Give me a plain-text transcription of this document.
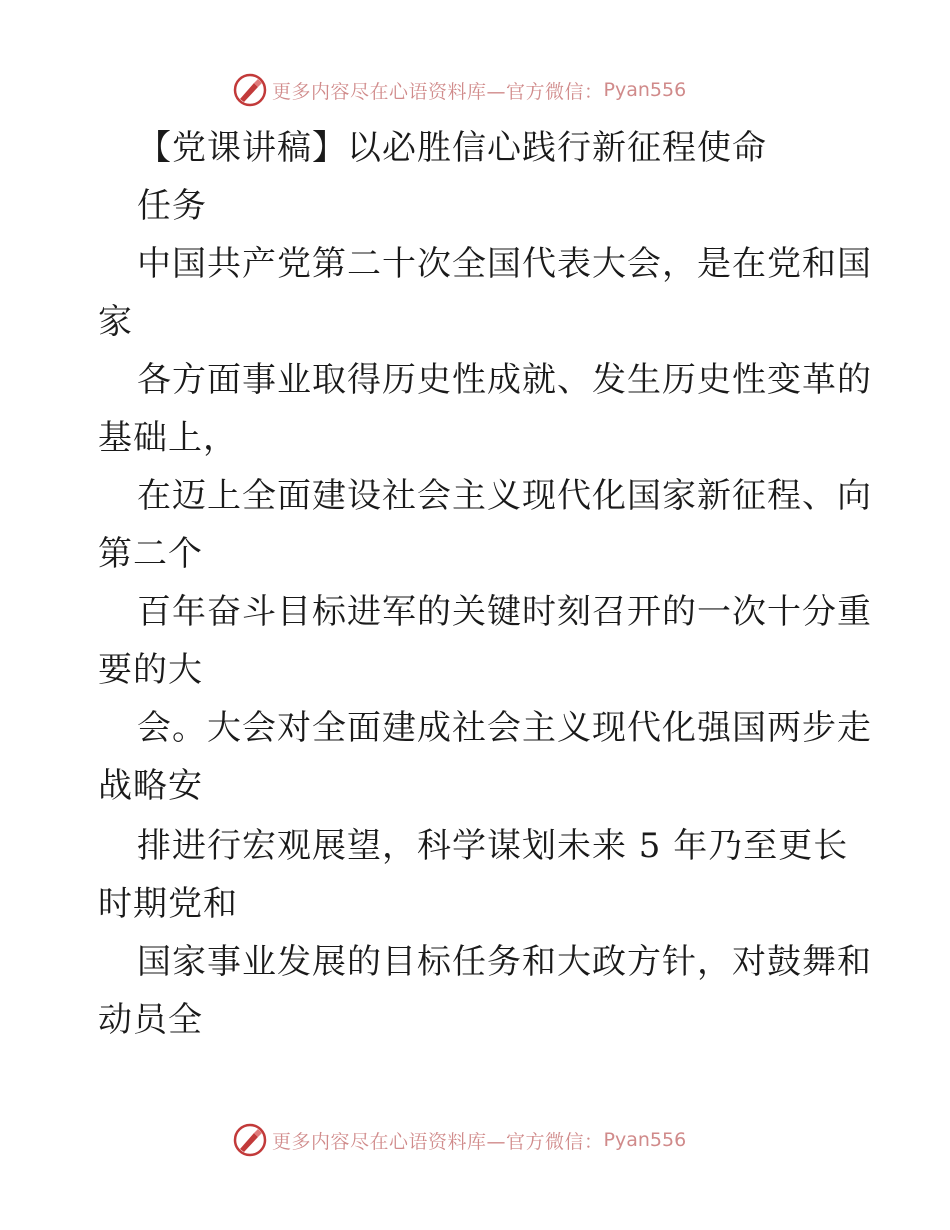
更多内容尽在心语资料库—官方微信： Pyan556
【党课讲稿】以必胜信心践行新征程使命
任务
中国共产党第二十次全国代表大会，是在党和国
家
各方面事业取得历史性成就、发生历史性变革的
基础上，
在迈上全面建设社会主义现代化国家新征程、向
第二个
百年奋斗目标进军的关键时刻召开的一次十分重
要的大
会。大会对全面建成社会主义现代化强国两步走
战略安
排进行宏观展望，科学谋划未来 5 年乃至更长
时期党和
国家事业发展的目标任务和大政方针，对鼓舞和
动员全
更多内容尽在心语资料库—官方微信： Pyan556
